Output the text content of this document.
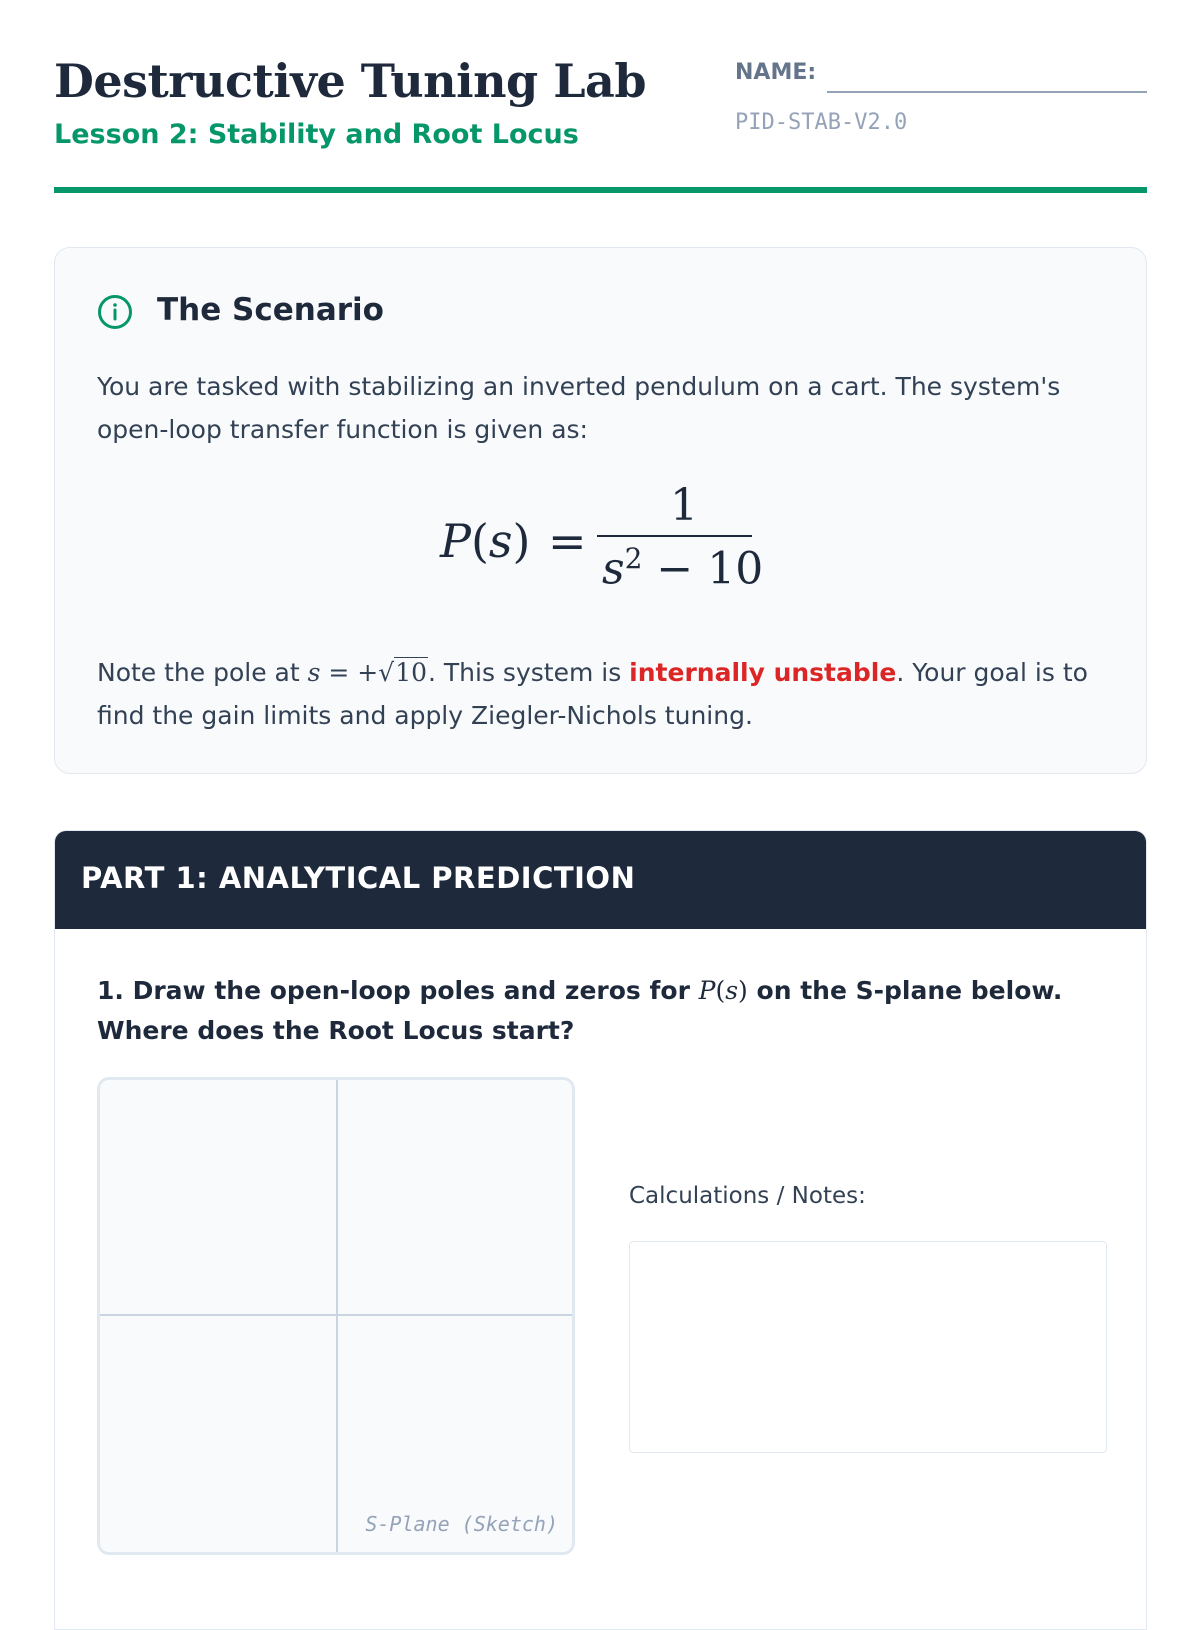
Destructive Tuning Lab
Lesson 2: Stability and Root Locus
NAME:
PID-STAB-V2.0
The Scenario

You are tasked with stabilizing an inverted pendulum on a cart. The system's open-loop transfer function is given as:

P(s) =
1
$s^2 - 10$

Note the pole at s = +√10. This system is internally unstable. Your goal is to find the gain limits and apply Ziegler-Nichols tuning.

PART 1: ANALYTICAL PREDICTION

1. Draw the open-loop poles and zeros for P(s) on the S-plane below. Where does the Root Locus start?

S-Plane (Sketch)
Calculations / Notes:
